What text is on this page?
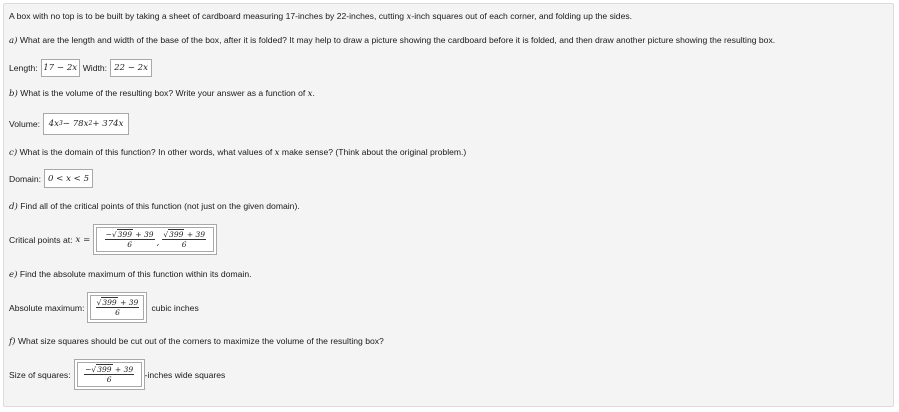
A box with no top is to be built by taking a sheet of cardboard measuring 17-inches by 22-inches, cutting x-inch squares out of each corner, and folding up the sides.
a) What are the length and width of the base of the box, after it is folded? It may help to draw a picture showing the cardboard before it is folded, and then draw another picture showing the resulting box.
Length: 17 − 2x Width: 22 − 2x
b) What is the volume of the resulting box? Write your answer as a function of x.
Volume: 4x 3 − 78x 2 + 374x
c) What is the domain of this function? In other words, what values of x make sense? (Think about the original problem.)
Domain: 0 < x < 5
d) Find all of the critical points of this function (not just on the given domain).
Critical points at: $x = \frac{-√399 + 39}{6}$ , $\frac{√399 + 39}{6}$
e) Find the absolute maximum of this function within its domain.
Absolute maximum: $\frac{√399 + 39}{6}$ cubic inches
f) What size squares should be cut out of the corners to maximize the volume of the resulting box?
Size of squares: $\frac{-√399 + 39}{6}$ -inches wide squares
